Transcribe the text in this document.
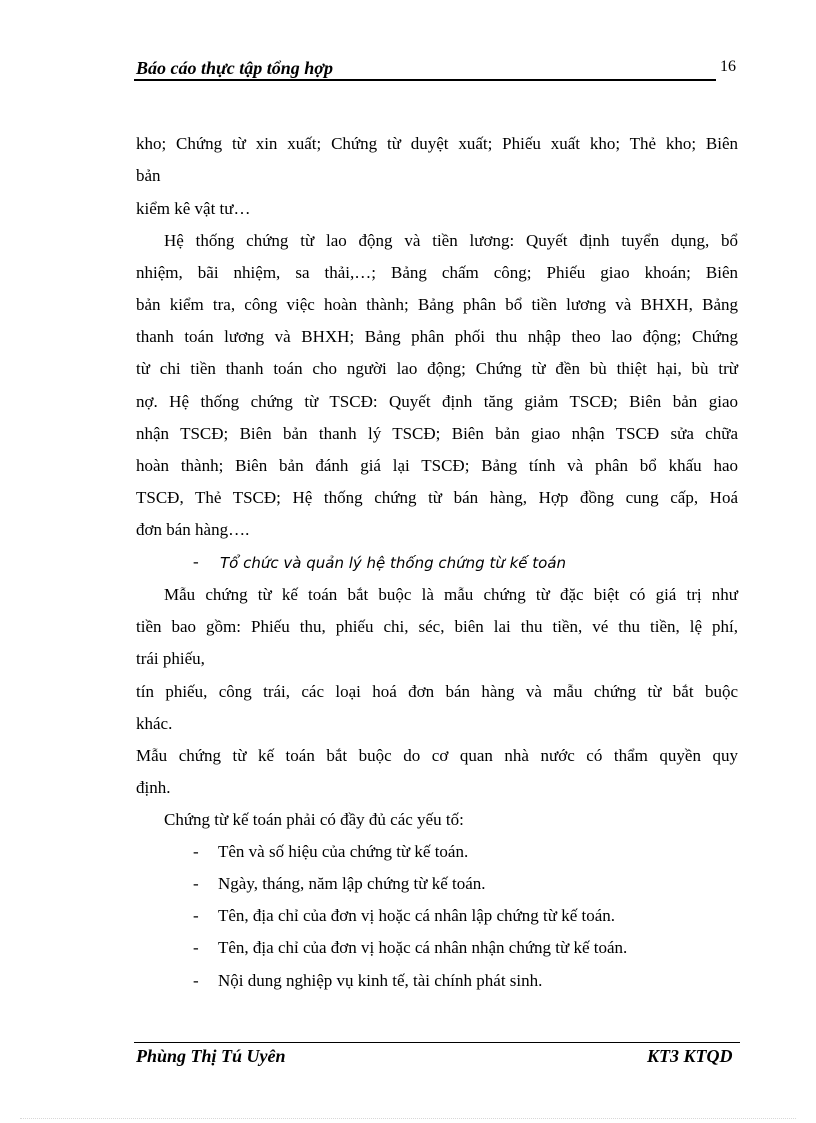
Báo cáo thực tập tổng hợp	16
kho; Chứng từ xin xuất; Chứng từ duyệt xuất; Phiếu xuất kho; Thẻ kho; Biên
bản
kiểm kê vật tư…
Hệ thống chứng từ lao động và tiền lương: Quyết định tuyển dụng, bổ
nhiệm, bãi nhiệm, sa thải,…; Bảng chấm công; Phiếu giao khoán; Biên
bản kiểm tra, công việc hoàn thành; Bảng phân bổ tiền lương và BHXH, Bảng
thanh toán lương và BHXH; Bảng phân phối thu nhập theo lao động; Chứng
từ chi tiền thanh toán cho người lao động; Chứng từ đền bù thiệt hại, bù trừ
nợ. Hệ thống chứng từ TSCĐ: Quyết định tăng giảm TSCĐ; Biên bản giao
nhận TSCĐ; Biên bản thanh lý TSCĐ; Biên bản giao nhận TSCĐ sửa chữa
hoàn thành; Biên bản đánh giá lại TSCĐ; Bảng tính và phân bổ khấu hao
TSCĐ, Thẻ TSCĐ; Hệ thống chứng từ bán hàng, Hợp đồng cung cấp, Hoá
đơn bán hàng….
- Tổ chức và quản lý hệ thống chứng từ kế toán
Mẫu chứng từ kế toán bắt buộc là mẫu chứng từ đặc biệt có giá trị như
tiền bao gồm: Phiếu thu, phiếu chi, séc, biên lai thu tiền, vé thu tiền, lệ phí,
trái phiếu,
tín phiếu, công trái, các loại hoá đơn bán hàng và mẫu chứng từ bắt buộc
khác.
Mẫu chứng từ kế toán bắt buộc do cơ quan nhà nước có thẩm quyền quy
định.
Chứng từ kế toán phải có đầy đủ các yếu tố:
- Tên và số hiệu của chứng từ kế toán.
- Ngày, tháng, năm lập chứng từ kế toán.
- Tên, địa chỉ của đơn vị hoặc cá nhân lập chứng từ kế toán.
- Tên, địa chỉ của đơn vị hoặc cá nhân nhận chứng từ kế toán.
- Nội dung nghiệp vụ kinh tế, tài chính phát sinh.
Phùng Thị Tú Uyên	KT3 KTQD
